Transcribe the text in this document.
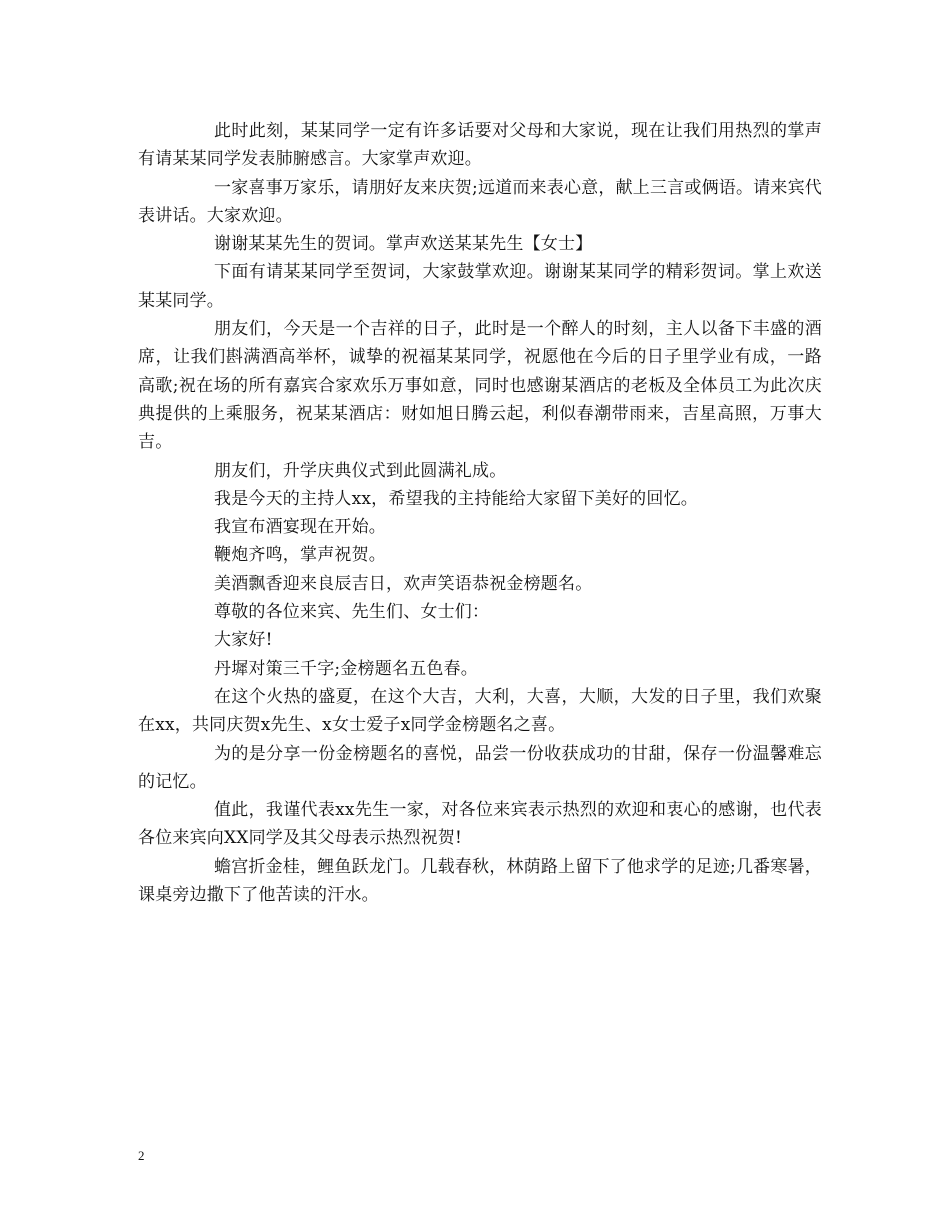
此时此刻，某某同学一定有许多话要对父母和大家说，现在让我们用热烈的掌声有请某某同学发表肺腑感言。大家掌声欢迎。

一家喜事万家乐，请朋好友来庆贺;远道而来表心意，献上三言或俩语。请来宾代表讲话。大家欢迎。

谢谢某某先生的贺词。掌声欢送某某先生【女士】

下面有请某某同学至贺词，大家鼓掌欢迎。谢谢某某同学的精彩贺词。掌上欢送某某同学。

朋友们，今天是一个吉祥的日子，此时是一个醉人的时刻，主人以备下丰盛的酒席，让我们斟满酒高举杯，诚挚的祝福某某同学，祝愿他在今后的日子里学业有成，一路高歌;祝在场的所有嘉宾合家欢乐万事如意，同时也感谢某酒店的老板及全体员工为此次庆典提供的上乘服务，祝某某酒店：财如旭日腾云起，利似春潮带雨来，吉星高照，万事大吉。

朋友们，升学庆典仪式到此圆满礼成。

我是今天的主持人xx，希望我的主持能给大家留下美好的回忆。

我宣布酒宴现在开始。

鞭炮齐鸣，掌声祝贺。

美酒飘香迎来良辰吉日，欢声笑语恭祝金榜题名。

尊敬的各位来宾、先生们、女士们：

大家好!

丹墀对策三千字;金榜题名五色春。

在这个火热的盛夏，在这个大吉，大利，大喜，大顺，大发的日子里，我们欢聚在xx，共同庆贺x先生、x女士爱子x同学金榜题名之喜。

为的是分享一份金榜题名的喜悦，品尝一份收获成功的甘甜，保存一份温馨难忘的记忆。

值此，我谨代表xx先生一家，对各位来宾表示热烈的欢迎和衷心的感谢，也代表各位来宾向XX同学及其父母表示热烈祝贺!

蟾宫折金桂，鲤鱼跃龙门。几载春秋，林荫路上留下了他求学的足迹;几番寒暑，课桌旁边撒下了他苦读的汗水。

2
